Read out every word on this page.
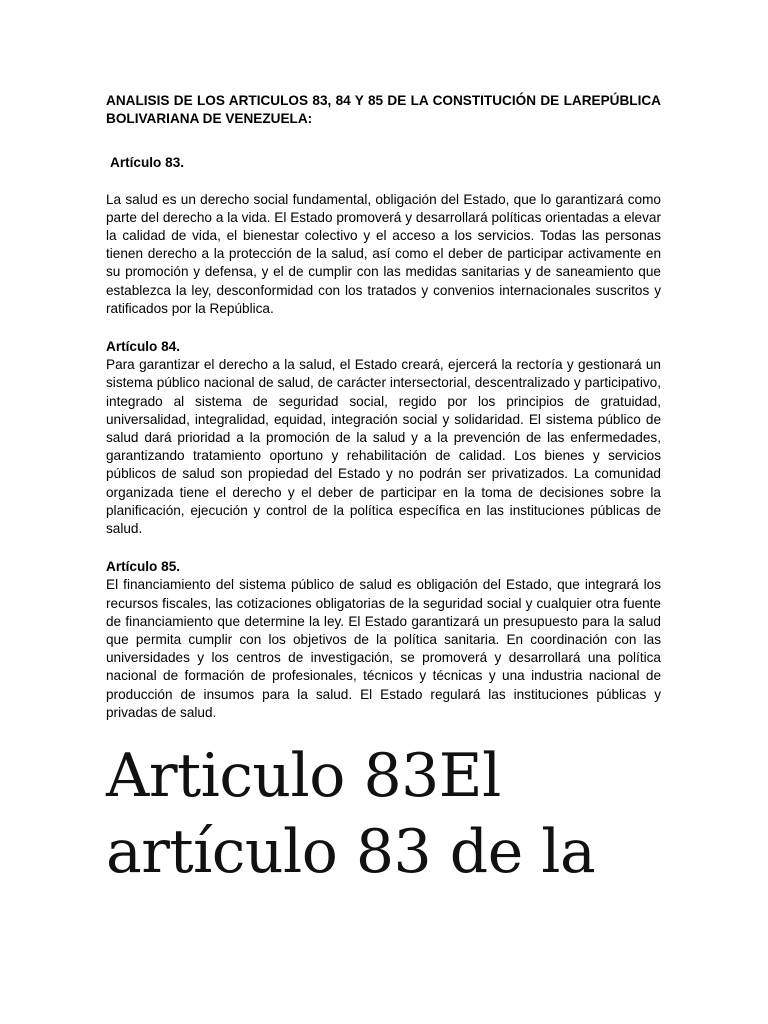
ANALISIS DE LOS ARTICULOS 83, 84 Y 85 DE LA CONSTITUCIÓN DE LAREPÚBLICA BOLIVARIANA DE VENEZUELA:

Artículo 83.

La salud es un derecho social fundamental, obligación del Estado, que lo garantizará como parte del derecho a la vida. El Estado promoverá y desarrollará políticas orientadas a elevar la calidad de vida, el bienestar colectivo y el acceso a los servicios. Todas las personas tienen derecho a la protección de la salud, así como el deber de participar activamente en su promoción y defensa, y el de cumplir con las medidas sanitarias y de saneamiento que establezca la ley, desconformidad con los tratados y convenios internacionales suscritos y ratificados por la República.

Artículo 84.

Para garantizar el derecho a la salud, el Estado creará, ejercerá la rectoría y gestionará un sistema público nacional de salud, de carácter intersectorial, descentralizado y participativo, integrado al sistema de seguridad social, regido por los principios de gratuidad, universalidad, integralidad, equidad, integración social y solidaridad. El sistema público de salud dará prioridad a la promoción de la salud y a la prevención de las enfermedades, garantizando tratamiento oportuno y rehabilitación de calidad. Los bienes y servicios públicos de salud son propiedad del Estado y no podrán ser privatizados. La comunidad organizada tiene el derecho y el deber de participar en la toma de decisiones sobre la planificación, ejecución y control de la política específica en las instituciones públicas de salud.

Artículo 85.

El financiamiento del sistema público de salud es obligación del Estado, que integrará los recursos fiscales, las cotizaciones obligatorias de la seguridad social y cualquier otra fuente de financiamiento que determine la ley. El Estado garantizará un presupuesto para la salud que permita cumplir con los objetivos de la política sanitaria. En coordinación con las universidades y los centros de investigación, se promoverá y desarrollará una política nacional de formación de profesionales, técnicos y técnicas y una industria nacional de producción de insumos para la salud. El Estado regulará las instituciones públicas y privadas de salud.

Articulo 83El artículo 83 de la
